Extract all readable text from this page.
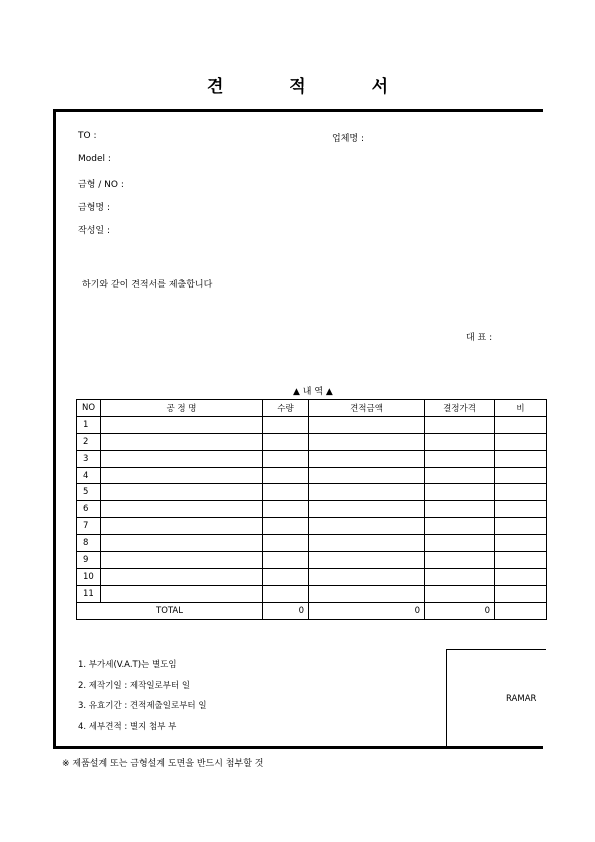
견 적 서
TO :	업체명 :
Model :
금형 / NO :
금형명 :
작성일 :
하기와 같이 견적서를 제출합니다
대 표 :
▲ 내 역 ▲
NO	공 정 명	수량	견적금액	결정가격	비
1					
2					
3					
4					
5					
6					
7					
8					
9					
10					
11					
TOTAL		0	0	0	
1. 부가세(V.A.T)는 별도임
2. 제작기일 : 제작일로부터 일
3. 유효기간 : 견적제출일로부터 일
4. 세부견적 : 별지 첨부 부
RAMAR
※ 제품설계 또는 금형설계 도면을 반드시 첨부할 것
